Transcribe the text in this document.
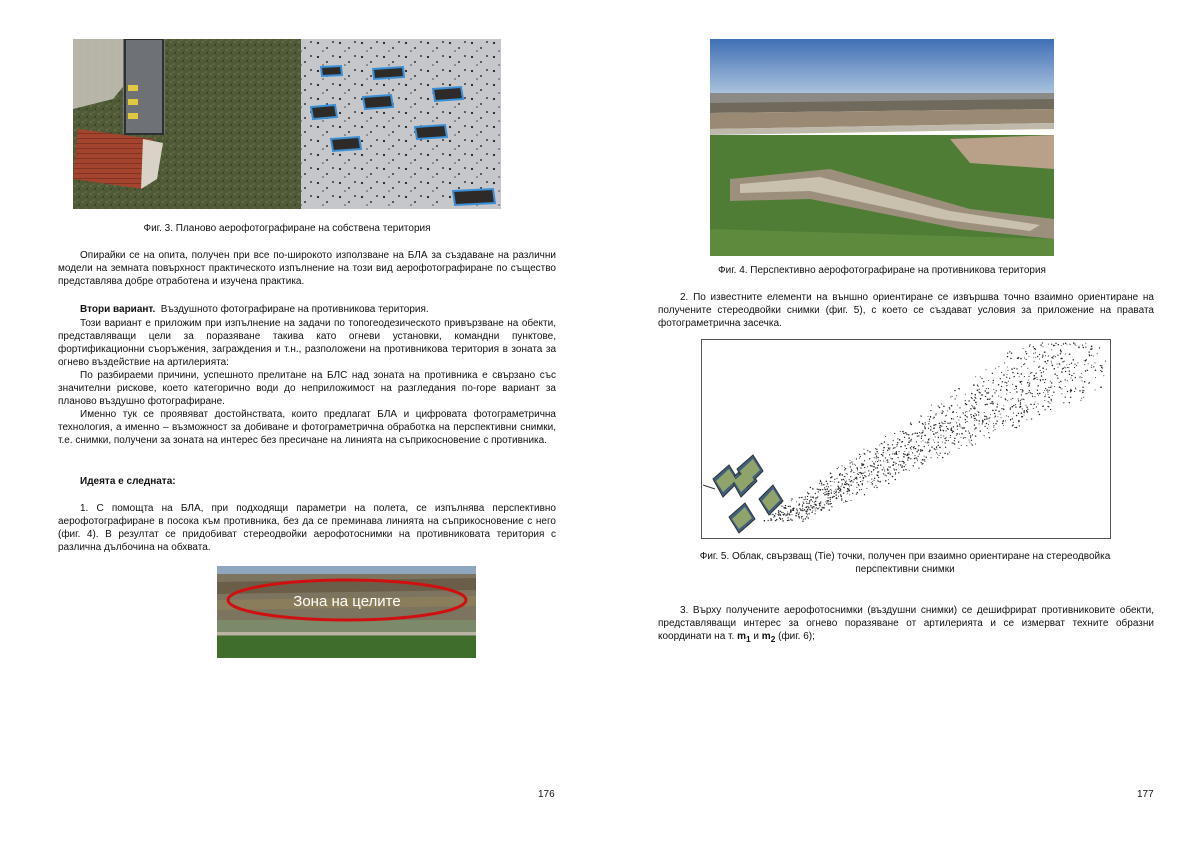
Фиг. 3. Планово аерофотографиране на собствена територия

Опирайки се на опита, получен при все по-широкото използване на БЛА за създаване на различни модели на земната повърхност практическото изпълнение на този вид аерофотографиране по същество представлява добре отработена и изучена практика.

Втори вариант. Въздушното фотографиране на противникова територия.

Този вариант е приложим при изпълнение на задачи по топогеодезическото привързване на обекти, представляващи цели за поразяване такива като огневи установки, командни пунктове, фортификационни съоръжения, заграждения и т.н., разположени на противникова територия в зоната за огнево въздействие на артилерията:

По разбираеми причини, успешното прелитане на БЛС над зоната на противника е свързано със значителни рискове, което категорично води до неприложимост на разгледания по-горе вариант за планово въздушно фотографиране.

Именно тук се проявяват достойнствата, които предлагат БЛА и цифровата фотограметрична технология, а именно – възможност за добиване и фотограметрична обработка на перспективни снимки, т.е. снимки, получени за зоната на интерес без пресичане на линията на съприкосновение с противника.

Идеята е следната:

1. С помощта на БЛА, при подходящи параметри на полета, се изпълнява перспективно аерофотографиране в посока към противника, без да се преминава линията на съприкосновение с него (фиг. 4). В резултат се придобиват стереодвойки аерофотоснимки на противниковата територия с различна дълбочина на обхвата.

Зона на целите
176
Фиг. 4. Перспективно аерофотографиране на противникова територия

2. По известните елементи на външно ориентиране се извършва точно взаимно ориентиране на получените стереодвойки снимки (фиг. 5), с което се създават условия за приложение на правата фотограметрична засечка.

Фиг. 5. Облак, свързващ (Tie) точки, получен при взаимно ориентиране на стереодвойка
перспективни снимки

3. Върху получените аерофотоснимки (въздушни снимки) се дешифрират противниковите обекти, представляващи интерес за огнево поразяване от артилерията и се измерват техните образни координати на т. $m_1$ и $m_2$ (фиг. 6);

177
